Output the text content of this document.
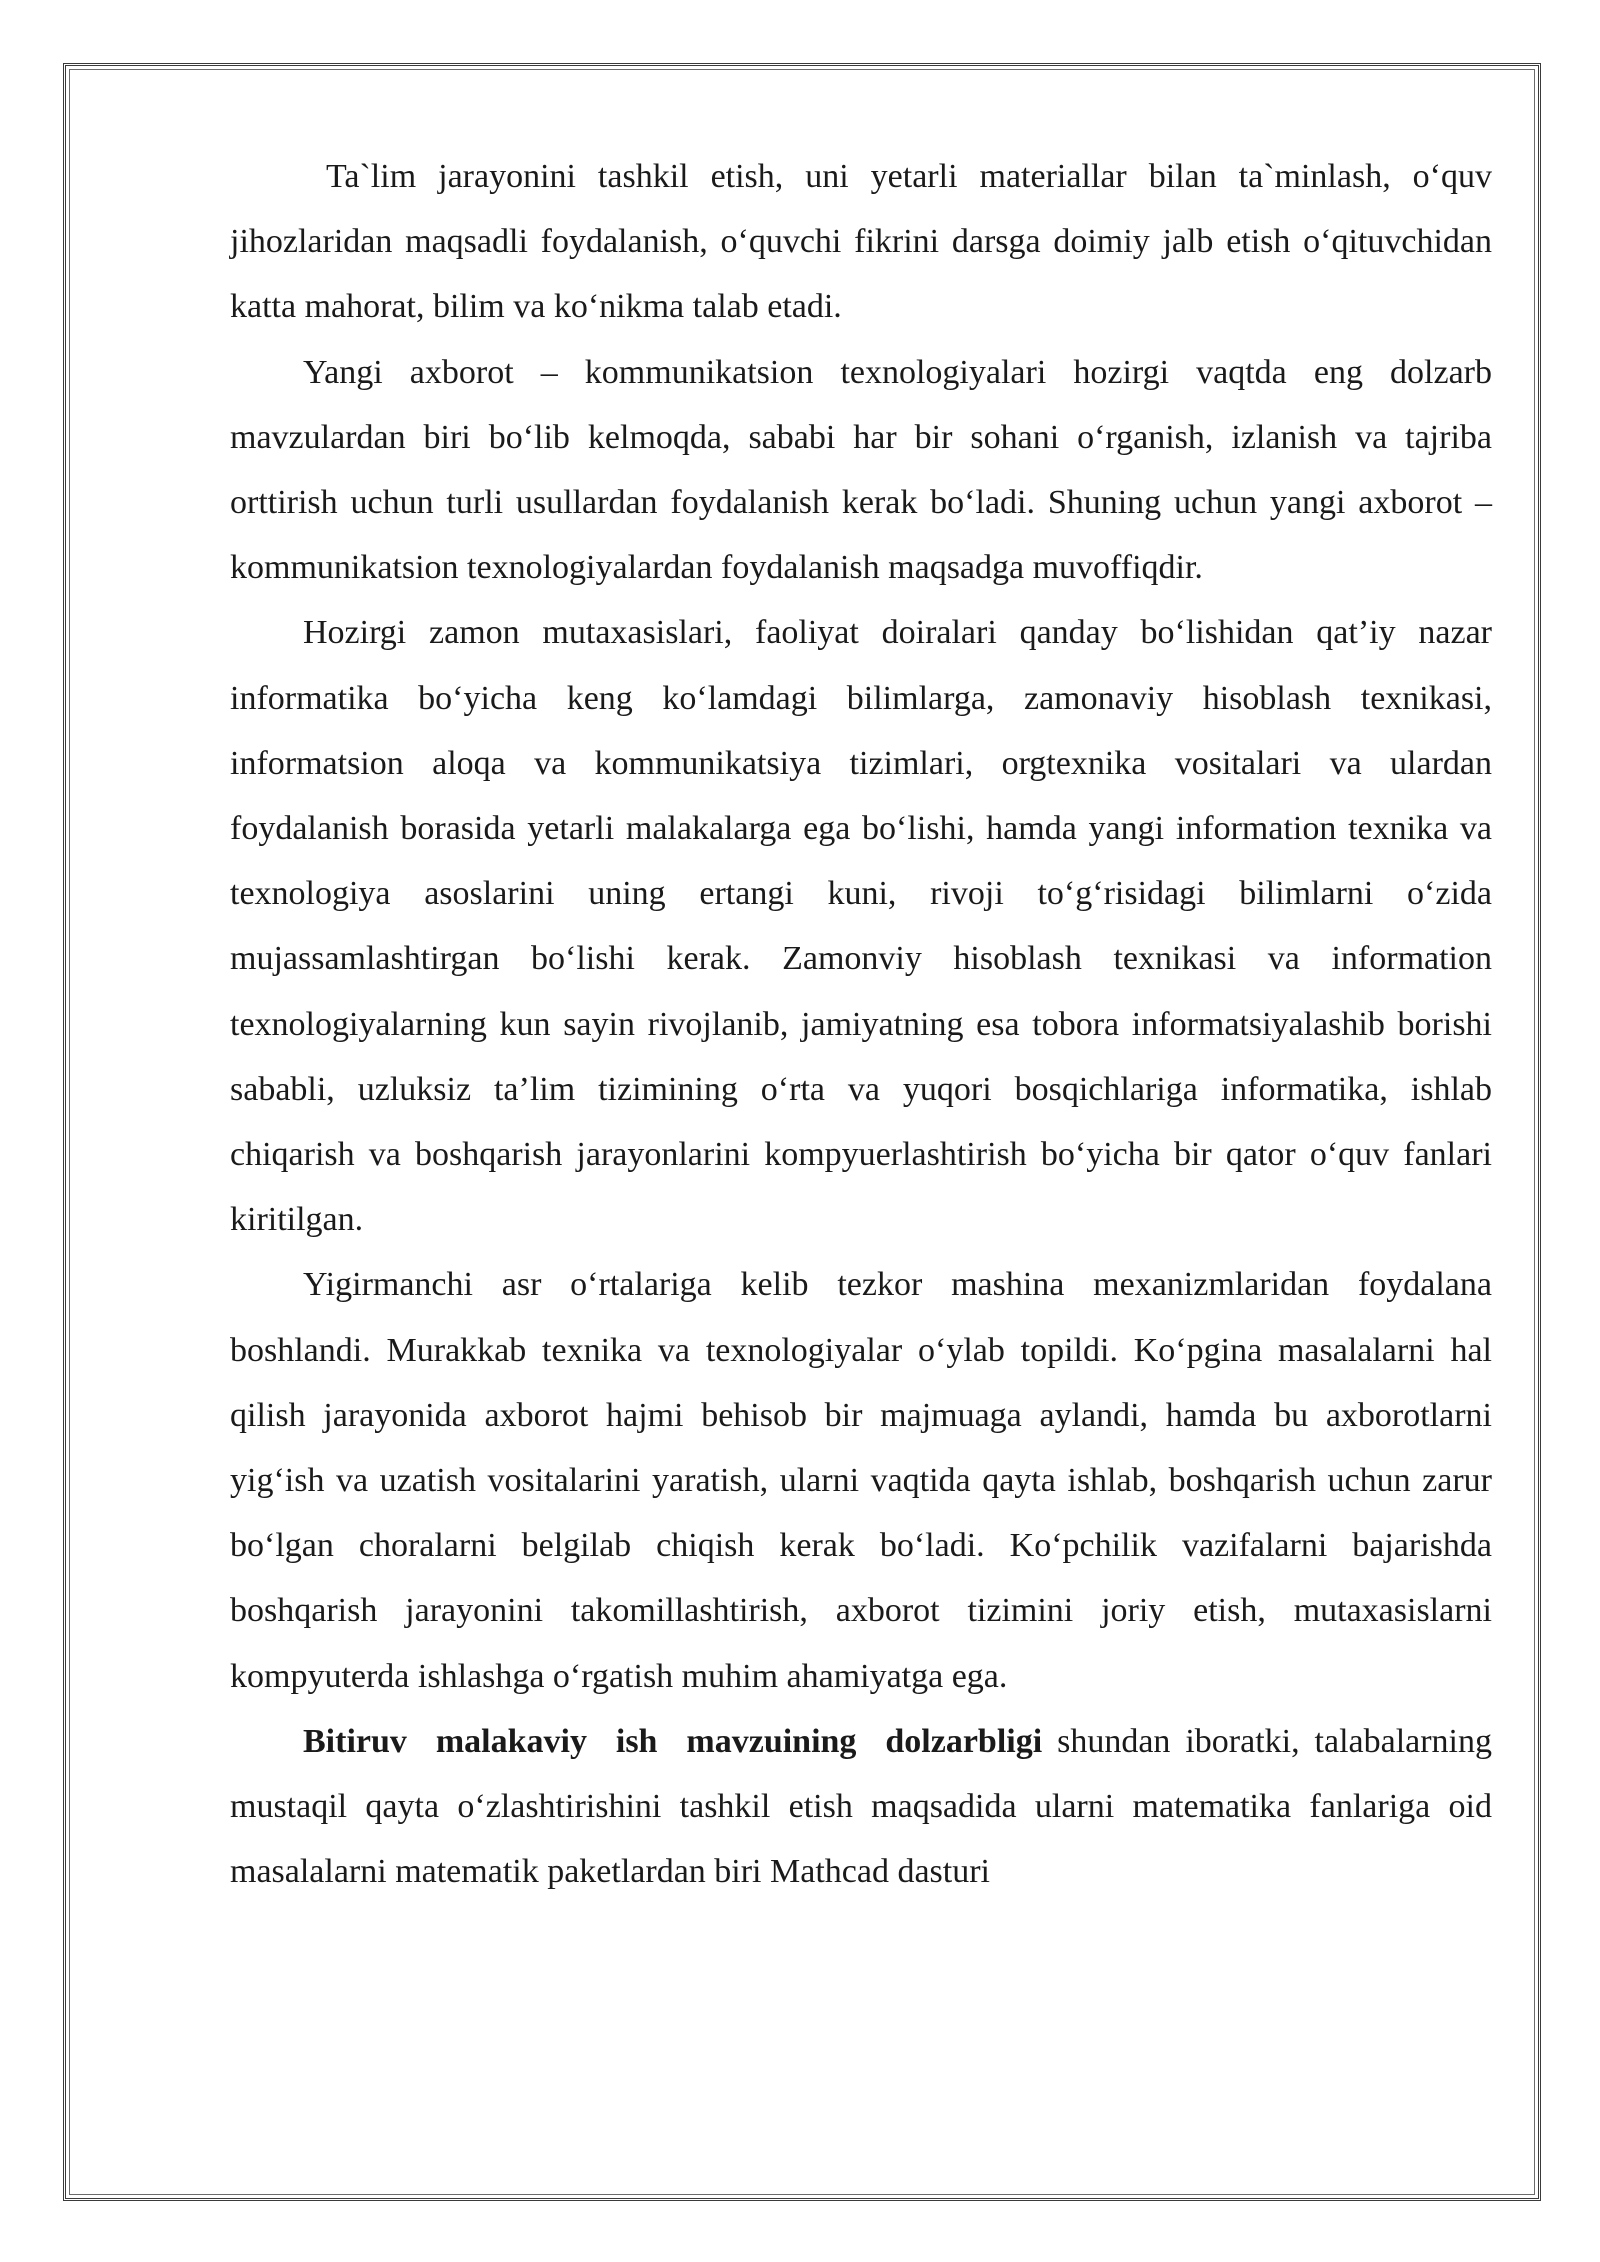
Ta`lim jarayonini tashkil etish, uni yetarli materiallar bilan ta`minlash, o‘quv jihozlaridan maqsadli foydalanish, o‘quvchi fikrini darsga doimiy jalb etish o‘qituvchidan katta mahorat, bilim va ko‘nikma talab etadi.

Yangi axborot – kommunikatsion texnologiyalari hozirgi vaqtda eng dolzarb mavzulardan biri bo‘lib kelmoqda, sababi har bir sohani o‘rganish, izlanish va tajriba orttirish uchun turli usullardan foydalanish kerak bo‘ladi. Shuning uchun yangi axborot – kommunikatsion texnologiyalardan foydalanish maqsadga muvoffiqdir.

Hozirgi zamon mutaxasislari, faoliyat doiralari qanday bo‘lishidan qat’iy nazar informatika bo‘yicha keng ko‘lamdagi bilimlarga, zamonaviy hisoblash texnikasi, informatsion aloqa va kommunikatsiya tizimlari, orgtexnika vositalari va ulardan foydalanish borasida yetarli malakalarga ega bo‘lishi, hamda yangi information texnika va texnologiya asoslarini uning ertangi kuni, rivoji to‘g‘risidagi bilimlarni o‘zida mujassamlashtirgan bo‘lishi kerak. Zamonviy hisoblash texnikasi va information texnologiyalarning kun sayin rivojlanib, jamiyatning esa tobora informatsiyalashib borishi sababli, uzluksiz ta’lim tizimining o‘rta va yuqori bosqichlariga informatika, ishlab chiqarish va boshqarish jarayonlarini kompyuerlashtirish bo‘yicha bir qator o‘quv fanlari kiritilgan.

Yigirmanchi asr o‘rtalariga kelib tezkor mashina mexanizmlaridan foydalana boshlandi. Murakkab texnika va texnologiyalar o‘ylab topildi. Ko‘pgina masalalarni hal qilish jarayonida axborot hajmi behisob bir majmuaga aylandi, hamda bu axborotlarni yig‘ish va uzatish vositalarini yaratish, ularni vaqtida qayta ishlab, boshqarish uchun zarur bo‘lgan choralarni belgilab chiqish kerak bo‘ladi. Ko‘pchilik vazifalarni bajarishda boshqarish jarayonini takomillashtirish, axborot tizimini joriy etish, mutaxasislarni kompyuterda ishlashga o‘rgatish muhim ahamiyatga ega.

Bitiruv malakaviy ish mavzuining dolzarbligi shundan iboratki, talabalarning mustaqil qayta o‘zlashtirishini tashkil etish maqsadida ularni matematika fanlariga oid masalalarni matematik paketlardan biri Mathcad dasturi
